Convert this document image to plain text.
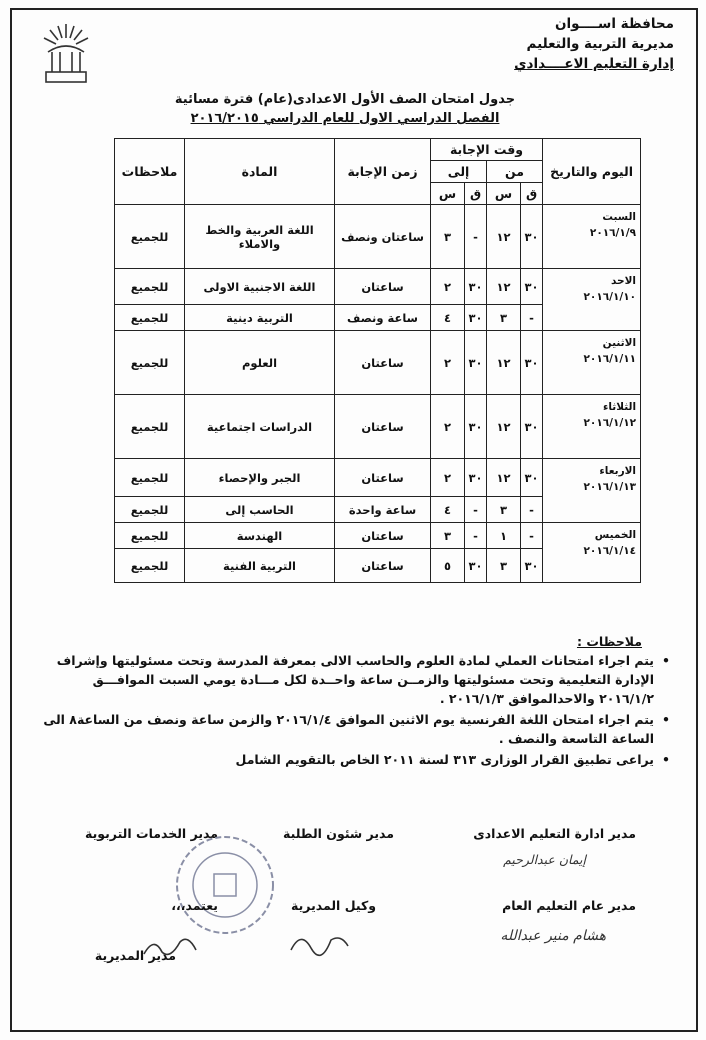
محافظة اســــوان
مديرية التربية والتعليم
إدارة التعليم الاعــــدادي
جدول امتحان الصف الأول الاعدادى(عام) فترة مسائية
الفصل الدراسي الاول للعام الدراسي ٢٠١٦/٢٠١٥
اليوم والتاريخ	وقت الإجابة				زمن الإجابة	المادة	ملاحظات
	من		إلى				
	ق	س	ق	س			

السبت
٢٠١٦/١/٩	٣٠	١٢	-	٣	ساعتان ونصف	اللغة العربية والخط والاملاء	للجميع

الاحد
٢٠١٦/١/١٠	٣٠	١٢	٣٠	٢	ساعتان	اللغة الاجنبية الاولى	للجميع
	-	٣	٣٠	٤	ساعة ونصف	التربية دينية	للجميع

الاثنين
٢٠١٦/١/١١	٣٠	١٢	٣٠	٢	ساعتان	العلوم	للجميع

الثلاثاء
٢٠١٦/١/١٢	٣٠	١٢	٣٠	٢	ساعتان	الدراسات اجتماعية	للجميع

الاربعاء
٢٠١٦/١/١٣	٣٠	١٢	٣٠	٢	ساعتان	الجبر والإحصاء	للجميع
	-	٣	-	٤	ساعة واحدة	الحاسب إلى	للجميع

الخميس
٢٠١٦/١/١٤	-	١	-	٣	ساعتان	الهندسة	للجميع
	٣٠	٣	٣٠	٥	ساعتان	التربية الفنية	للجميع
ملاحظات :
• يتم اجراء امتحانات العملي لمادة العلوم والحاسب الالى بمعرفة المدرسة وتحت مسئوليتها وإشراف الإدارة التعليمية وتحت مسئوليتها والزمــن ساعة واحــدة لكل مـــادة يومي السبت الموافـــق ٢٠١٦/١/٢ والاحدالموافق ٢٠١٦/١/٣ .
• يتم اجراء امتحان اللغة الفرنسية يوم الاثنين الموافق ٢٠١٦/١/٤ والزمن ساعة ونصف من الساعة٨ الى الساعة التاسعة والنصف .
• يراعى تطبيق القرار الوزارى ٣١٣ لسنة ٢٠١١ الخاص بالتقويم الشامل
مدير ادارة التعليم الاعدادى
إيمان عبدالرحيم
مدير شئون الطلبة
مدير الخدمات التربوية
مدير عام التعليم العام
هشام منير عبدالله
وكيل المديرية
يعتمد،،،
مدير المديرية
